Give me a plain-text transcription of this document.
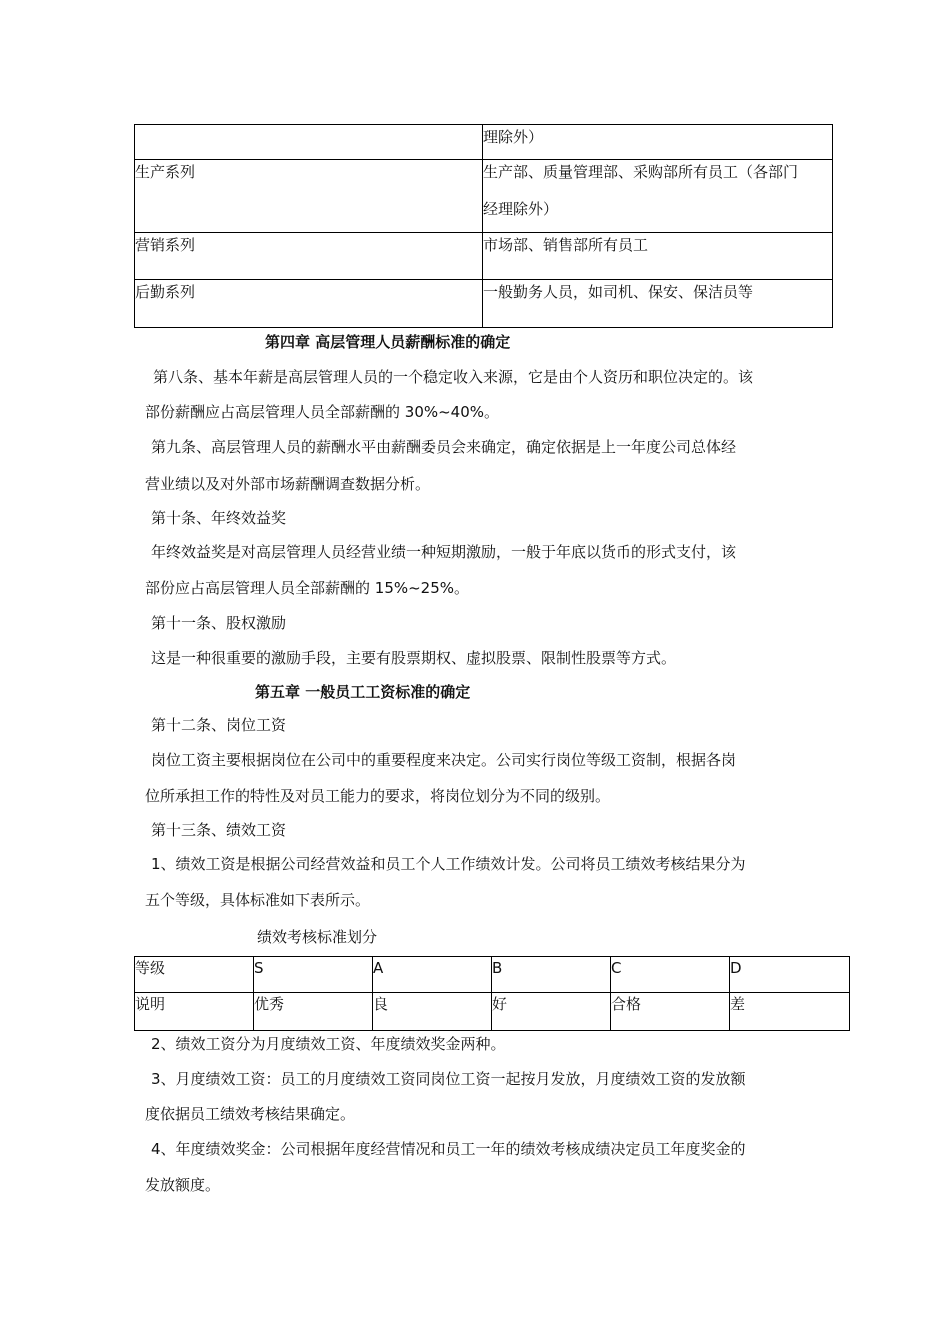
	理除外）

生产系列	生产部、质量管理部、采购部所有员工（各部门
经理除外）

营销系列	市场部、销售部所有员工

后勤系列	一般勤务人员，如司机、保安、保洁员等
第四章 高层管理人员薪酬标准的确定
第八条、基本年薪是高层管理人员的一个稳定收入来源，它是由个人资历和职位决定的。该
部份薪酬应占高层管理人员全部薪酬的 30%~40%。
第九条、高层管理人员的薪酬水平由薪酬委员会来确定，确定依据是上一年度公司总体经
营业绩以及对外部市场薪酬调查数据分析。
第十条、年终效益奖
年终效益奖是对高层管理人员经营业绩一种短期激励，一般于年底以货币的形式支付，该
部份应占高层管理人员全部薪酬的 15%~25%。
第十一条、股权激励
这是一种很重要的激励手段，主要有股票期权、虚拟股票、限制性股票等方式。
第五章 一般员工工资标准的确定
第十二条、岗位工资
岗位工资主要根据岗位在公司中的重要程度来决定。公司实行岗位等级工资制，根据各岗
位所承担工作的特性及对员工能力的要求，将岗位划分为不同的级别。
第十三条、绩效工资
1、绩效工资是根据公司经营效益和员工个人工作绩效计发。公司将员工绩效考核结果分为
五个等级，具体标准如下表所示。
绩效考核标准划分
等级	S	A	B	C	D
说明	优秀	良	好	合格	差
2、绩效工资分为月度绩效工资、年度绩效奖金两种。
3、月度绩效工资：员工的月度绩效工资同岗位工资一起按月发放，月度绩效工资的发放额
度依据员工绩效考核结果确定。
4、年度绩效奖金：公司根据年度经营情况和员工一年的绩效考核成绩决定员工年度奖金的
发放额度。
